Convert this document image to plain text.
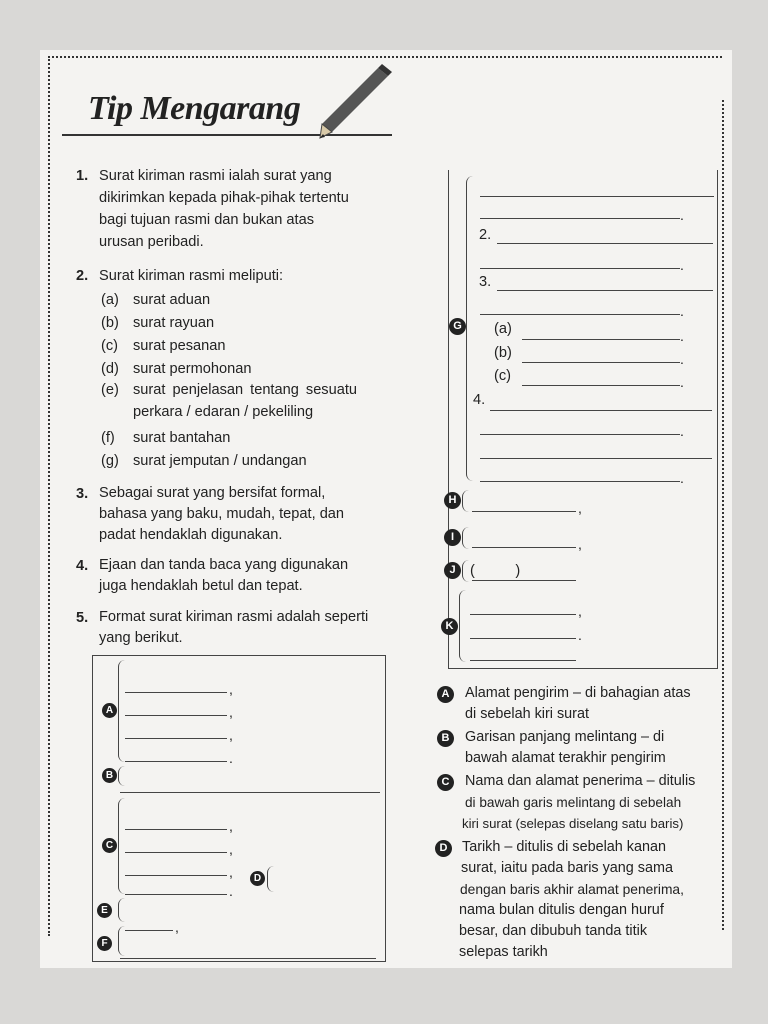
Tip Mengarang
1. Surat kiriman rasmi ialah surat yang
dikirimkan kepada pihak-pihak tertentu
bagi tujuan rasmi dan bukan atas
urusan peribadi.
2. Surat kiriman rasmi meliputi:
(a) surat aduan
(b) surat rayuan
(c) surat pesanan
(d) surat permohonan
(e) surat penjelasan tentang sesuatu
perkara / edaran / pekeliling
(f) surat bantahan
(g) surat jemputan / undangan
3. Sebagai surat yang bersifat formal,
bahasa yang baku, mudah, tepat, dan
padat hendaklah digunakan.
4. Ejaan dan tanda baca yang digunakan
juga hendaklah betul dan tepat.
5. Format surat kiriman rasmi adalah seperti
yang berikut.
A
,
,
,
.
B
C
,
,
,
.
D
E
F
,
G
.
2.
.
3.
.
(a)	.
(b)	.
(c)	.
4.
.
.
H	,
I	,
J (          )
K
,
.
A	Alamat pengirim – di bahagian atas
di sebelah kiri surat
B	Garisan panjang melintang – di
bawah alamat terakhir pengirim
C	Nama dan alamat penerima – ditulis
di bawah garis melintang di sebelah
kiri surat (selepas diselang satu baris)
D	Tarikh – ditulis di sebelah kanan
surat, iaitu pada baris yang sama
dengan baris akhir alamat penerima,
nama bulan ditulis dengan huruf
besar, dan dibubuh tanda titik
selepas tarikh
